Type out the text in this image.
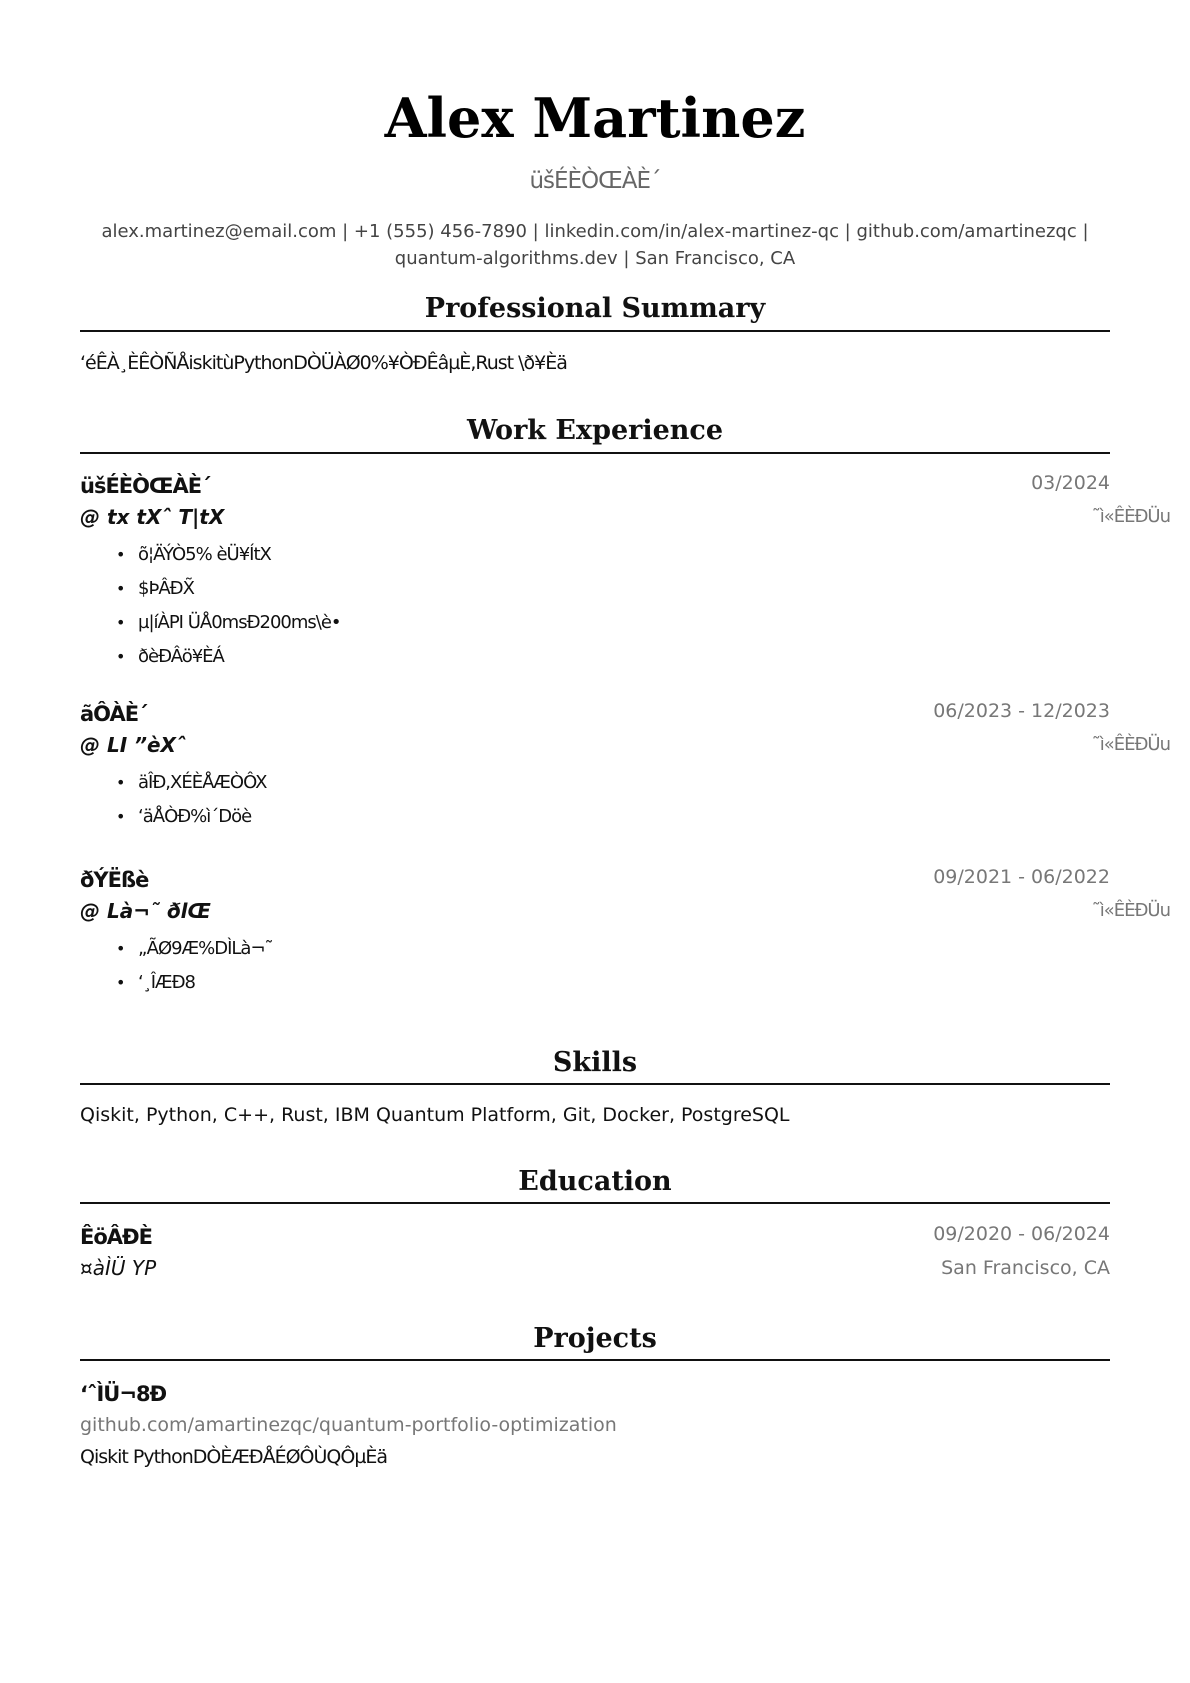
Alex Martinez
üšÉÈÒŒÀÈ´
alex.martinez@email.com | +1 (555) 456-7890 | linkedin.com/in/alex-martinez-qc | github.com/amartinezqc |
quantum-algorithms.dev | San Francisco, CA
Professional Summary
‘éÊÀ¸ÈÊÒÑÅiskitùPythonDÒÜÀØ0%¥ÒÐÊâµÈ,Rust \ð¥Èä
Work Experience
üšÉÈÒŒÀÈ´	03/2024
@ tx tXˆ T|tX	˜ì«ÊÈÐÜu
• õ¦ÄÝÒ5% èÜ¥ÍtX
• $ÞÂÐX̃
• µ|íÀPI ÜÅ0msÐ200ms\è•
• ðèÐÂö¥ÈÁ
ãÔÀÈ´	06/2023 - 12/2023
@ LI ”èXˆ	˜ì«ÊÈÐÜu
• äÎÐ,XÉÈÅÆÒÔX
• ‘äÅÒÐ%ì´Döè
ðÝËßè	09/2021 - 06/2022
@ Là¬˜ ðlŒ	˜ì«ÊÈÐÜu
• „ÃØ9Æ%DÌLà¬˜
• ‘¸ÎÆÐ8
Skills
Qiskit, Python, C++, Rust, IBM Quantum Platform, Git, Docker, PostgreSQL
Education
ÊöÂÐÈ	09/2020 - 06/2024
¤àÌÜ YP	San Francisco, CA
Projects
‘ˆÌÜ¬8Ð
github.com/amartinezqc/quantum-portfolio-optimization
Qiskit PythonDÒÈÆÐÅÉØÔÙQÔµÈä
